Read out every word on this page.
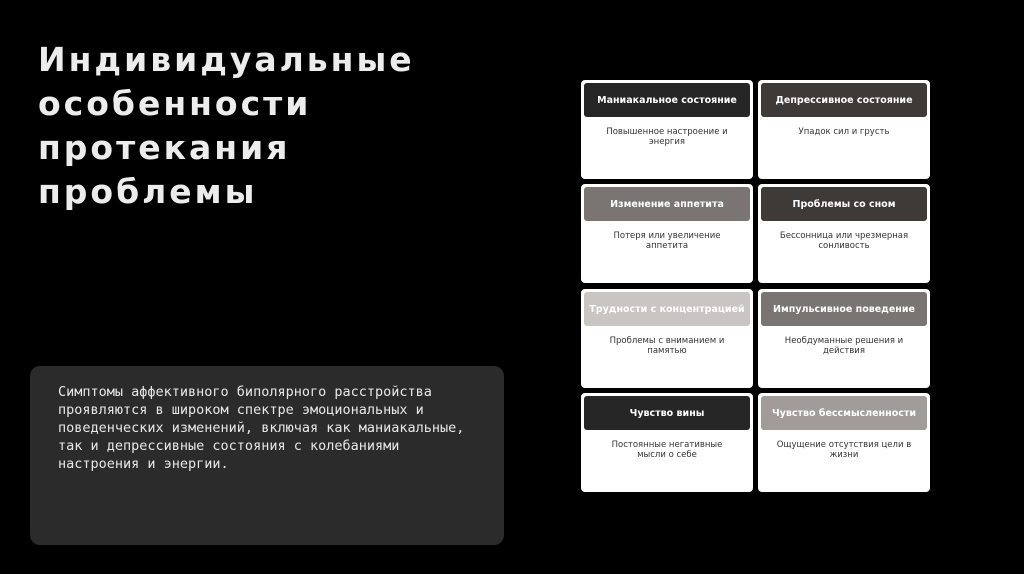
Индивидуальные особенности протекания проблемы

Симптомы аффективного биполярного расстройства проявляются в широком спектре эмоциональных и поведенческих изменений, включая как маниакальные, так и депрессивные состояния с колебаниями настроения и энергии.

Маниакальное состояние
Повышенное настроение и энергия
Депрессивное состояние
Упадок сил и грусть
Изменение аппетита
Потеря или увеличение аппетита
Проблемы со сном
Бессонница или чрезмерная сонливость
Трудности с концентрацией
Проблемы с вниманием и памятью
Импульсивное поведение
Необдуманные решения и действия
Чувство вины
Постоянные негативные мысли о себе
Чувство бессмысленности
Ощущение отсутствия цели в жизни
